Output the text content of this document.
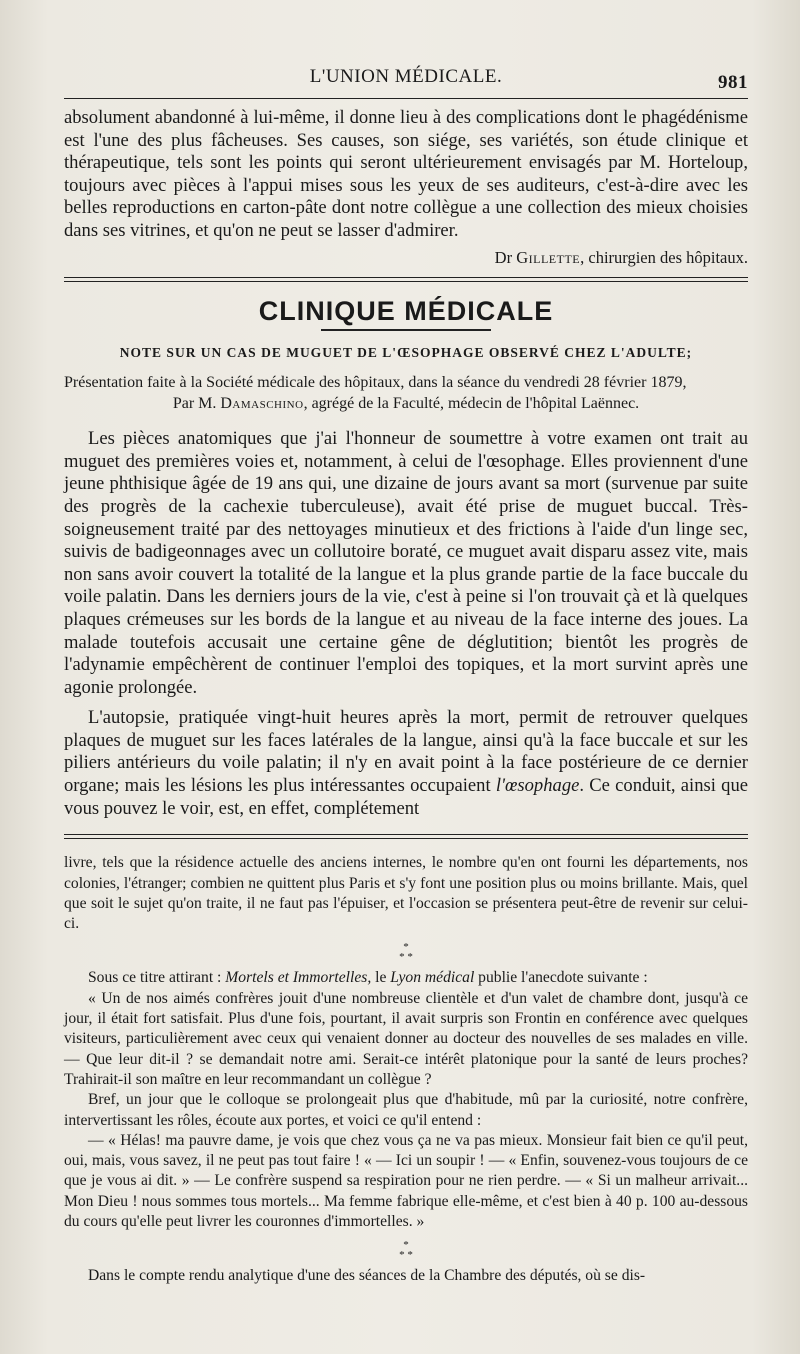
L'UNION MÉDICALE.	981

absolument abandonné à lui-même, il donne lieu à des complications dont le phagédénisme est l'une des plus fâcheuses. Ses causes, son siége, ses variétés, son étude clinique et thérapeutique, tels sont les points qui seront ultérieurement envisagés par M. Horteloup, toujours avec pièces à l'appui mises sous les yeux de ses auditeurs, c'est-à-dire avec les belles reproductions en carton-pâte dont notre collègue a une collection des mieux choisies dans ses vitrines, et qu'on ne peut se lasser d'admirer.

Dr Gillette, chirurgien des hôpitaux.
CLINIQUE MÉDICALE
NOTE SUR UN CAS DE MUGUET DE L'ŒSOPHAGE OBSERVÉ CHEZ L'ADULTE;
Présentation faite à la Société médicale des hôpitaux, dans la séance du vendredi 28 février 1879,
Par M. Damaschino, agrégé de la Faculté, médecin de l'hôpital Laënnec.

Les pièces anatomiques que j'ai l'honneur de soumettre à votre examen ont trait au muguet des premières voies et, notamment, à celui de l'œsophage. Elles proviennent d'une jeune phthisique âgée de 19 ans qui, une dizaine de jours avant sa mort (survenue par suite des progrès de la cachexie tuberculeuse), avait été prise de muguet buccal. Très-soigneusement traité par des nettoyages minutieux et des frictions à l'aide d'un linge sec, suivis de badigeonnages avec un collutoire boraté, ce muguet avait disparu assez vite, mais non sans avoir couvert la totalité de la langue et la plus grande partie de la face buccale du voile palatin. Dans les derniers jours de la vie, c'est à peine si l'on trouvait çà et là quelques plaques crémeuses sur les bords de la langue et au niveau de la face interne des joues. La malade toutefois accusait une certaine gêne de déglutition; bientôt les progrès de l'adynamie empêchèrent de continuer l'emploi des topiques, et la mort survint après une agonie prolongée.

L'autopsie, pratiquée vingt-huit heures après la mort, permit de retrouver quelques plaques de muguet sur les faces latérales de la langue, ainsi qu'à la face buccale et sur les piliers antérieurs du voile palatin; il n'y en avait point à la face postérieure de ce dernier organe; mais les lésions les plus intéressantes occupaient l'œsophage. Ce conduit, ainsi que vous pouvez le voir, est, en effet, complétement

livre, tels que la résidence actuelle des anciens internes, le nombre qu'en ont fourni les départements, nos colonies, l'étranger; combien ne quittent plus Paris et s'y font une position plus ou moins brillante. Mais, quel que soit le sujet qu'on traite, il ne faut pas l'épuiser, et l'occasion se présentera peut-être de revenir sur celui-ci.

*
* *

Sous ce titre attirant : Mortels et Immortelles, le Lyon médical publie l'anecdote suivante :

« Un de nos aimés confrères jouit d'une nombreuse clientèle et d'un valet de chambre dont, jusqu'à ce jour, il était fort satisfait. Plus d'une fois, pourtant, il avait surpris son Frontin en conférence avec quelques visiteurs, particulièrement avec ceux qui venaient donner au docteur des nouvelles de ses malades en ville. — Que leur dit-il ? se demandait notre ami. Serait-ce intérêt platonique pour la santé de leurs proches? Trahirait-il son maître en leur recommandant un collègue ?

Bref, un jour que le colloque se prolongeait plus que d'habitude, mû par la curiosité, notre confrère, intervertissant les rôles, écoute aux portes, et voici ce qu'il entend :

— « Hélas! ma pauvre dame, je vois que chez vous ça ne va pas mieux. Monsieur fait bien ce qu'il peut, oui, mais, vous savez, il ne peut pas tout faire ! « — Ici un soupir ! — « Enfin, souvenez-vous toujours de ce que je vous ai dit. » — Le confrère suspend sa respiration pour ne rien perdre. — « Si un malheur arrivait... Mon Dieu ! nous sommes tous mortels... Ma femme fabrique elle-même, et c'est bien à 40 p. 100 au-dessous du cours qu'elle peut livrer les couronnes d'immortelles. »

*
* *

Dans le compte rendu analytique d'une des séances de la Chambre des députés, où se dis-
